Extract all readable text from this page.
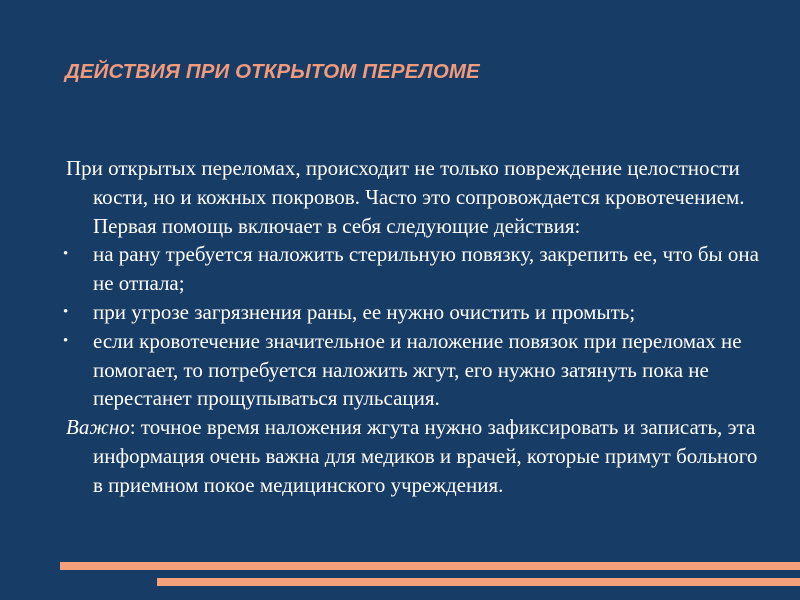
ДЕЙСТВИЯ ПРИ ОТКРЫТОМ ПЕРЕЛОМЕ
При открытых переломах, происходит не только повреждение целостности кости, но и кожных покровов. Часто это сопровождается кровотечением. Первая помощь включает в себя следующие действия:
• на рану требуется наложить стерильную повязку, закрепить ее, что бы она не отпала;
• при угрозе загрязнения раны, ее нужно очистить и промыть;
• если кровотечение значительное и наложение повязок при переломах не помогает, то потребуется наложить жгут, его нужно затянуть пока не перестанет прощупываться пульсация.
Важно: точное время наложения жгута нужно зафиксировать и записать, эта информация очень важна для медиков и врачей, которые примут больного в приемном покое медицинского учреждения.
